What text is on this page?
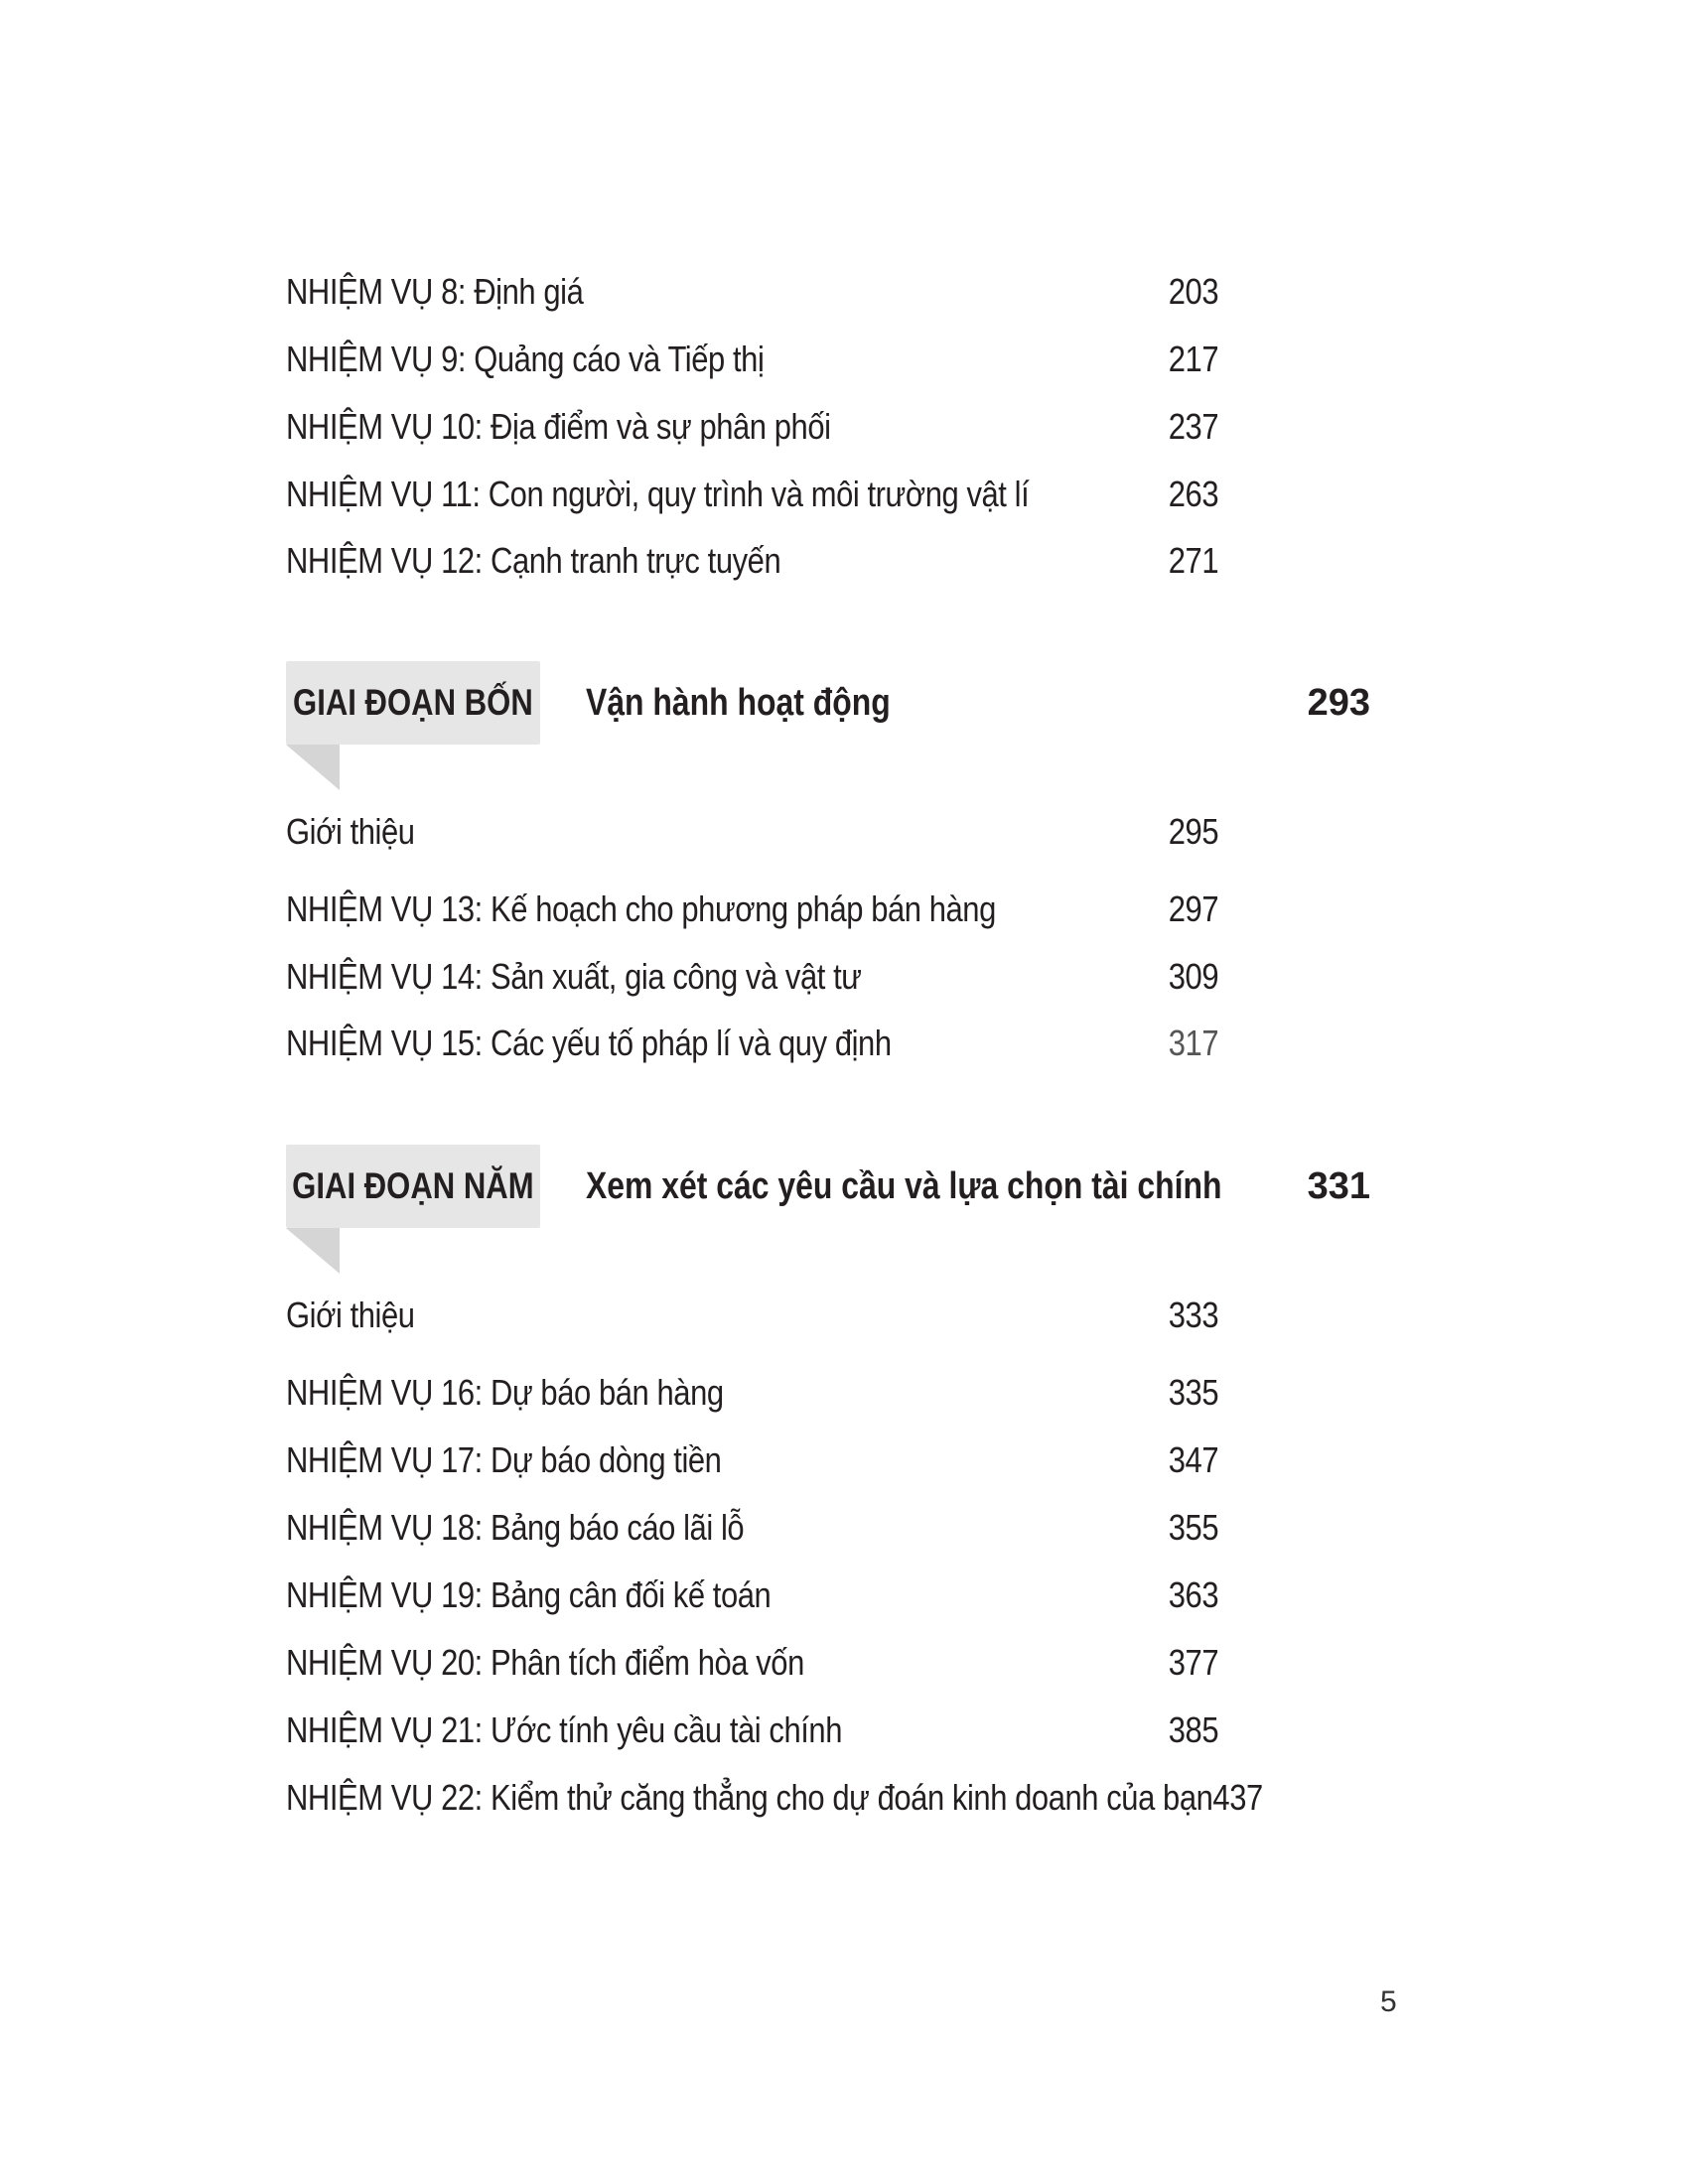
NHIỆM VỤ 8: Định giá	203
NHIỆM VỤ 9: Quảng cáo và Tiếp thị	217
NHIỆM VỤ 10: Địa điểm và sự phân phối	237
NHIỆM VỤ 11: Con người, quy trình và môi trường vật lí	263
NHIỆM VỤ 12: Cạnh tranh trực tuyến	271
GIAI ĐOẠN BỐN Vận hành hoạt động	293
Giới thiệu	295
NHIỆM VỤ 13: Kế hoạch cho phương pháp bán hàng	297
NHIỆM VỤ 14: Sản xuất, gia công và vật tư	309
NHIỆM VỤ 15: Các yếu tố pháp lí và quy định	317
GIAI ĐOẠN NĂM Xem xét các yêu cầu và lựa chọn tài chính 331
Giới thiệu	333
NHIỆM VỤ 16: Dự báo bán hàng	335
NHIỆM VỤ 17: Dự báo dòng tiền	347
NHIỆM VỤ 18: Bảng báo cáo lãi lỗ	355
NHIỆM VỤ 19: Bảng cân đối kế toán	363
NHIỆM VỤ 20: Phân tích điểm hòa vốn	377
NHIỆM VỤ 21: Ước tính yêu cầu tài chính	385
NHIỆM VỤ 22: Kiểm thử căng thẳng cho dự đoán kinh doanh của bạn 437
5
